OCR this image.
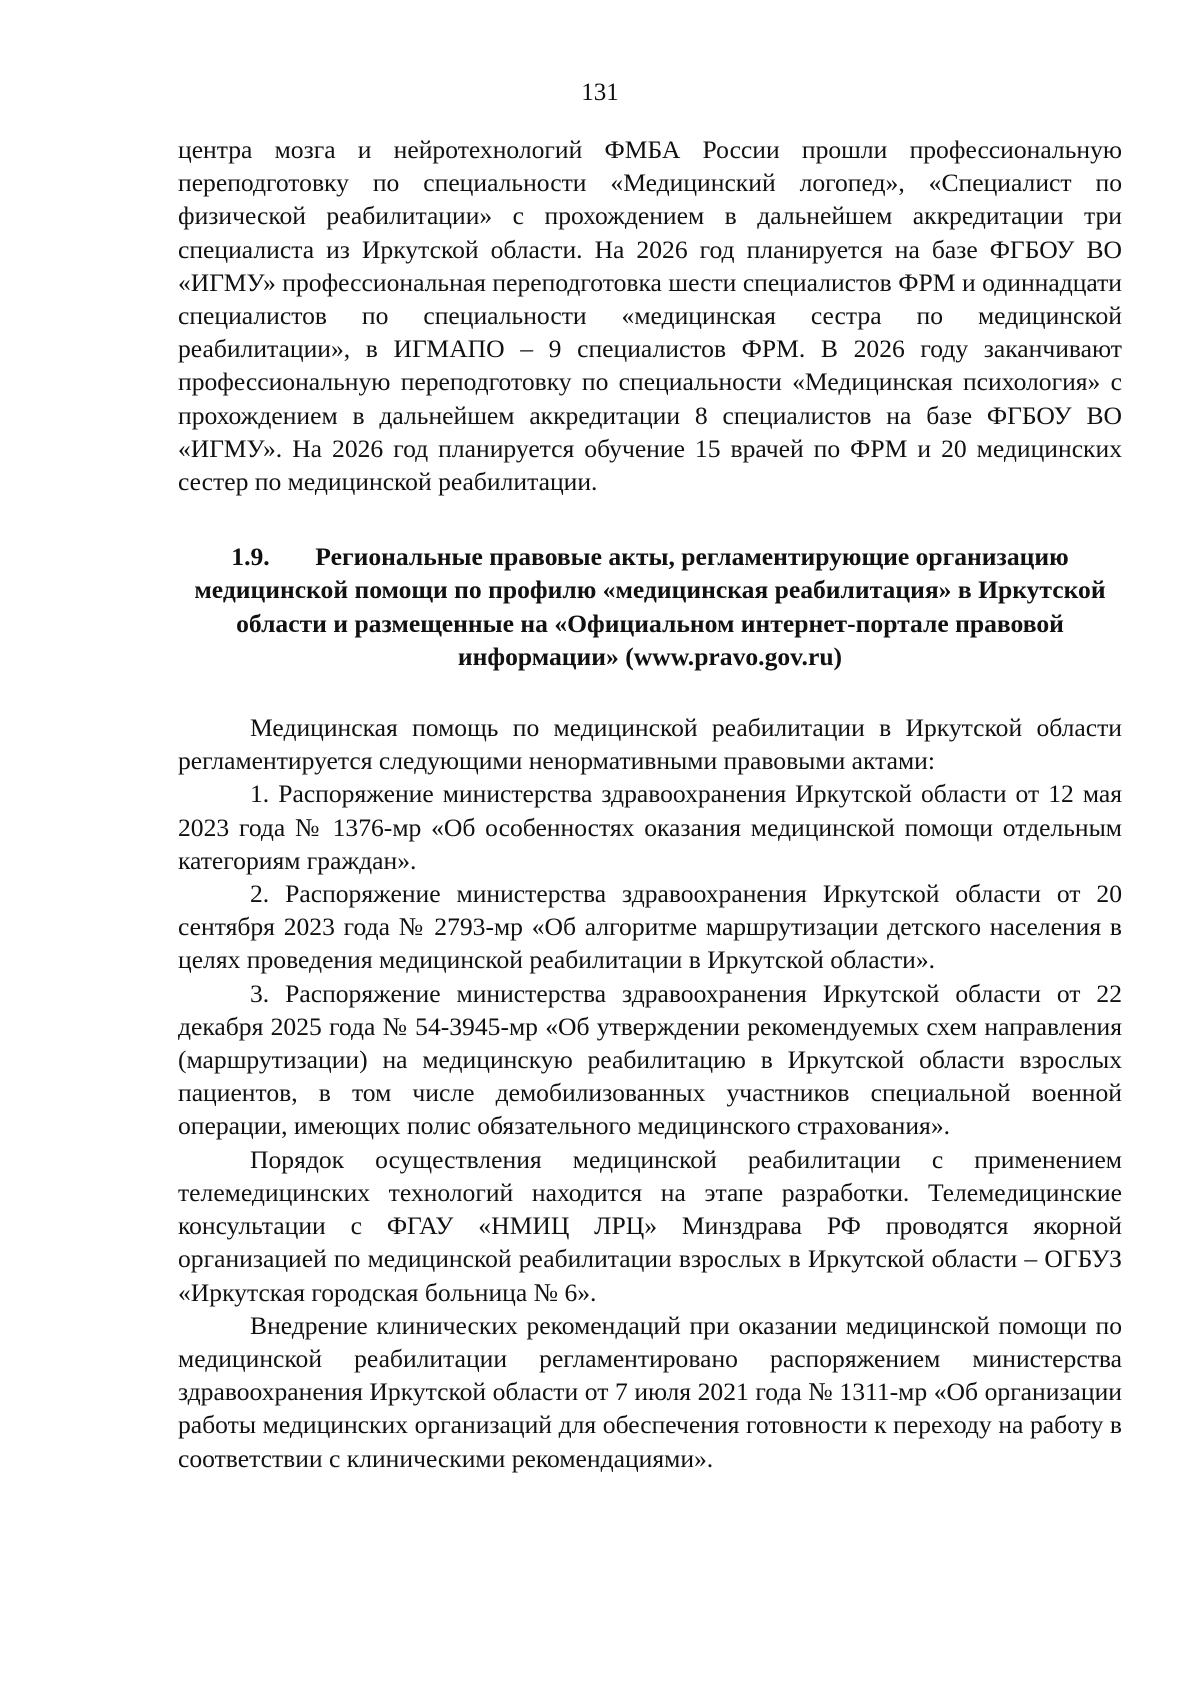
131

центра мозга и нейротехнологий ФМБА России прошли профессиональную переподготовку по специальности «Медицинский логопед», «Специалист по физической реабилитации» с прохождением в дальнейшем аккредитации три специалиста из Иркутской области. На 2026 год планируется на базе ФГБОУ ВО «ИГМУ» профессиональная переподготовка шести специалистов ФРМ и одиннадцати специалистов по специальности «медицинская сестра по медицинской реабилитации», в ИГМАПО – 9 специалистов ФРМ. В 2026 году заканчивают профессиональную переподготовку по специальности «Медицинская психология» с прохождением в дальнейшем аккредитации 8 специалистов на базе ФГБОУ ВО «ИГМУ». На 2026 год планируется обучение 15 врачей по ФРМ и 20 медицинских сестер по медицинской реабилитации.

1.9. Региональные правовые акты, регламентирующие организацию медицинской помощи по профилю «медицинская реабилитация» в Иркутской области и размещенные на «Официальном интернет-портале правовой информации» (www.pravo.gov.ru)

Медицинская помощь по медицинской реабилитации в Иркутской области регламентируется следующими ненормативными правовыми актами:

1. Распоряжение министерства здравоохранения Иркутской области от 12 мая 2023 года № 1376-мр «Об особенностях оказания медицинской помощи отдельным категориям граждан».

2. Распоряжение министерства здравоохранения Иркутской области от 20 сентября 2023 года № 2793-мр «Об алгоритме маршрутизации детского населения в целях проведения медицинской реабилитации в Иркутской области».

3. Распоряжение министерства здравоохранения Иркутской области от 22 декабря 2025 года № 54-3945-мр «Об утверждении рекомендуемых схем направления (маршрутизации) на медицинскую реабилитацию в Иркутской области взрослых пациентов, в том числе демобилизованных участников специальной военной операции, имеющих полис обязательного медицинского страхования».

Порядок осуществления медицинской реабилитации с применением телемедицинских технологий находится на этапе разработки. Телемедицинские консультации с ФГАУ «НМИЦ ЛРЦ» Минздрава РФ проводятся якорной организацией по медицинской реабилитации взрослых в Иркутской области – ОГБУЗ «Иркутская городская больница № 6».

Внедрение клинических рекомендаций при оказании медицинской помощи по медицинской реабилитации регламентировано распоряжением министерства здравоохранения Иркутской области от 7 июля 2021 года № 1311-мр «Об организации работы медицинских организаций для обеспечения готовности к переходу на работу в соответствии с клиническими рекомендациями».
